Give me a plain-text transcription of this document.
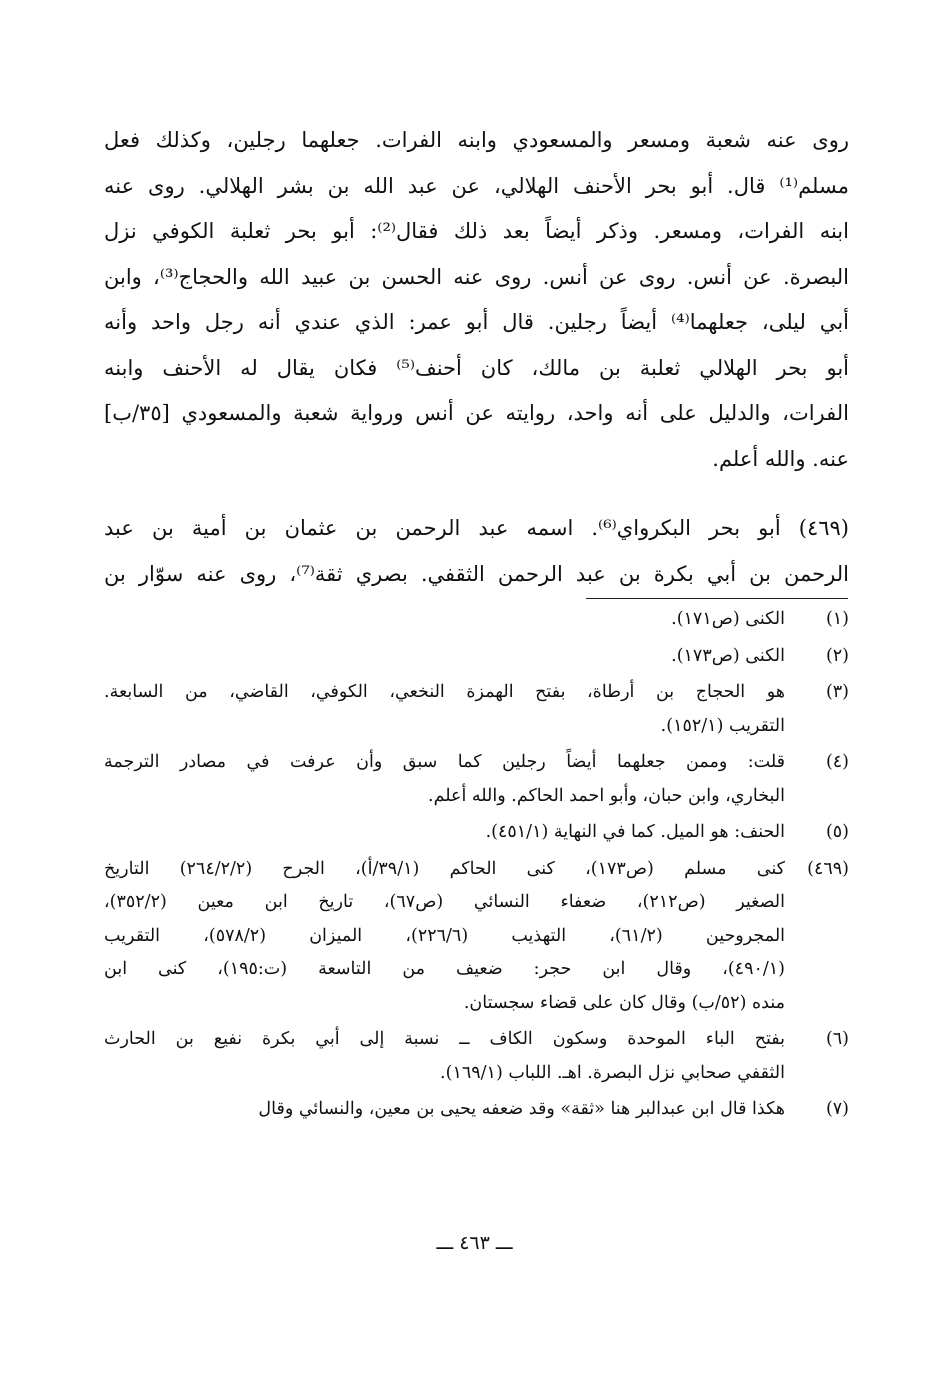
روى عنه شعبة ومسعر والمسعودي وابنه الفرات. جعلهما رجلين، وكذلك فعل
مسلم⁽¹⁾ قال. أبو بحر الأحنف الهلالي، عن عبد الله بن بشر الهلالي. روى عنه
ابنه الفرات، ومسعر. وذكر أيضاً بعد ذلك فقال⁽²⁾: أبو بحر ثعلبة الكوفي نزل
البصرة. عن أنس. روى عن أنس. روى عنه الحسن بن عبيد الله والحجاج⁽³⁾، وابن
أبي ليلى، جعلهما⁽⁴⁾ أيضاً رجلين. قال أبو عمر: الذي عندي أنه رجل واحد وأنه
أبو بحر الهلالي ثعلبة بن مالك، كان أحنف⁽⁵⁾ فكان يقال له الأحنف وابنه
الفرات، والدليل على أنه واحد، روايته عن أنس ورواية شعبة والمسعودي [٣٥/ب]
عنه. والله أعلم.
(٤٦٩) أبو بحر البكرواي⁽⁶⁾. اسمه عبد الرحمن بن عثمان بن أمية بن عبد
الرحمن بن أبي بكرة بن عبد الرحمن الثقفي. بصري ثقة⁽⁷⁾، روى عنه سوّار بن
(١)
الكنى (ص١٧١).
(٢)
الكنى (ص١٧٣).
(٣)
هو الحجاج بن أرطاة، بفتح الهمزة النخعي، الكوفي، القاضي، من السابعة.
التقريب (١٥٢/١).
(٤)
قلت: وممن جعلهما أيضاً رجلين كما سبق وأن عرفت في مصادر الترجمة
البخاري، وابن حبان، وأبو احمد الحاكم. والله أعلم.
(٥)
الحنف: هو الميل. كما في النهاية (٤٥١/١).
(٤٦٩)
كنى مسلم (ص١٧٣)، كنى الحاكم (٣٩/١/أ)، الجرح (٢٦٤/٢/٢) التاريخ
الصغير (ص٢١٢)، ضعفاء النسائي (ص٦٧)، تاريخ ابن معين (٣٥٢/٢)،
المجروحين (٦١/٢)، التهذيب (٢٢٦/٦)، الميزان (٥٧٨/٢)، التقريب
(٤٩٠/١)، وقال ابن حجر: ضعيف من التاسعة (ت:١٩٥)، كنى ابن
منده (٥٢/ب) وقال كان على قضاء سجستان.
(٦)
بفتح الباء الموحدة وسكون الكاف ــ نسبة إلى أبي بكرة نفيع بن الحارث
الثقفي صحابي نزل البصرة. اهـ. اللباب (١٦٩/١).
(٧)
هكذا قال ابن عبدالبر هنا «ثقة» وقد ضعفه يحيى بن معين، والنسائي وقال
ـــ ٤٦٣ ـــ
